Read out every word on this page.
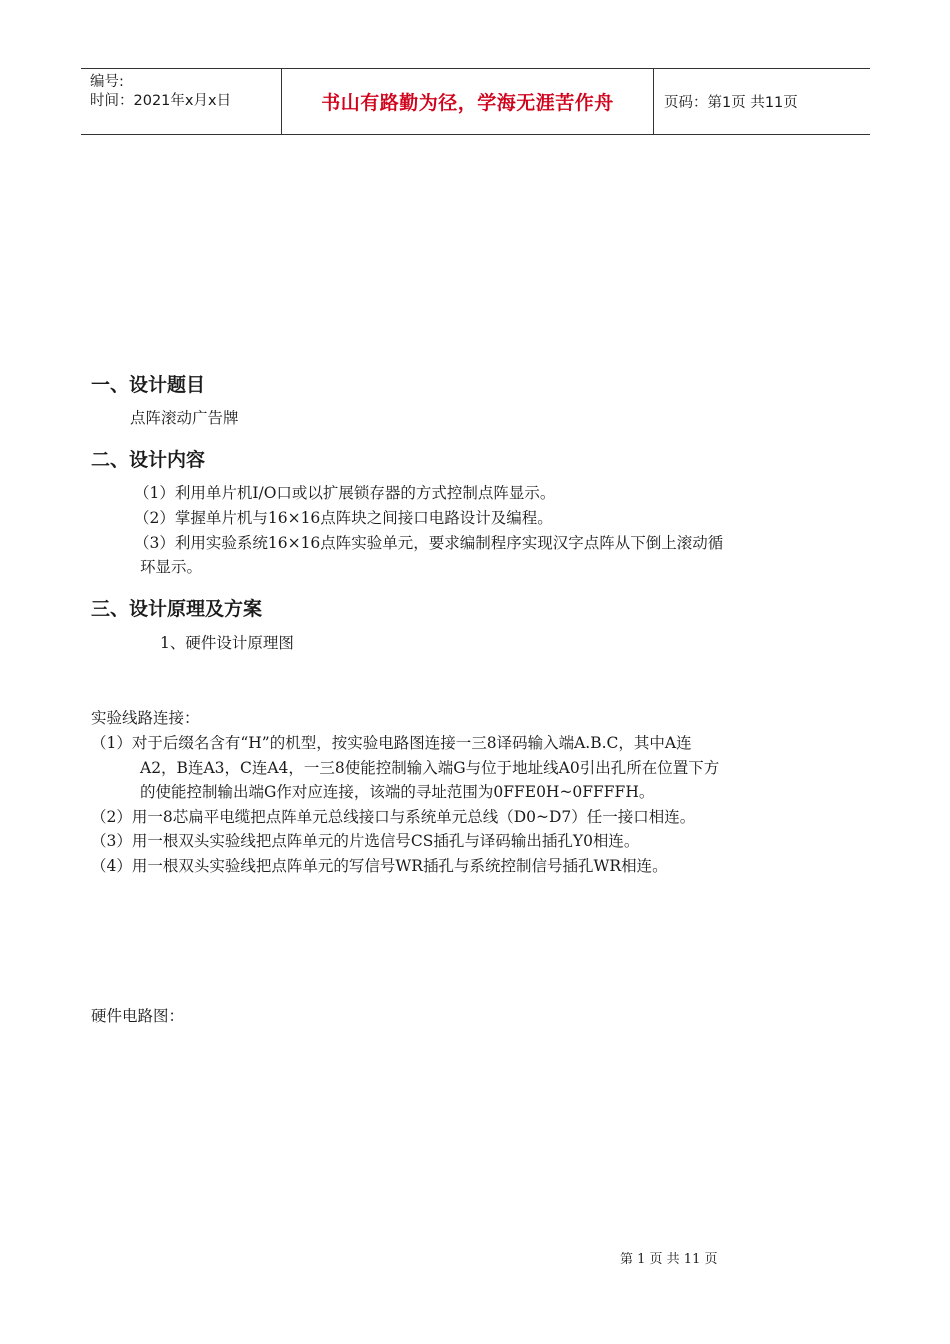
编号:
时间：2021年x月x日	书山有路勤为径，学海无涯苦作舟	页码：第1页 共11页
一、设计题目
点阵滚动广告牌
二、设计内容
（1）利用单片机I/O口或以扩展锁存器的方式控制点阵显示。
（2）掌握单片机与16×16点阵块之间接口电路设计及编程。
（3）利用实验系统16×16点阵实验单元，要求编制程序实现汉字点阵从下倒上滚动循
环显示。
三、设计原理及方案
1、硬件设计原理图
实验线路连接：
（1）对于后缀名含有“H”的机型，按实验电路图连接一三8译码输入端A.B.C，其中A连
A2，B连A3，C连A4，一三8使能控制输入端G与位于地址线A0引出孔所在位置下方
的使能控制输出端G作对应连接，该端的寻址范围为0FFE0H~0FFFFH。
（2）用一8芯扁平电缆把点阵单元总线接口与系统单元总线（D0~D7）任一接口相连。
（3）用一根双头实验线把点阵单元的片选信号CS插孔与译码输出插孔Y0相连。
（4）用一根双头实验线把点阵单元的写信号WR插孔与系统控制信号插孔WR相连。
硬件电路图：
第 1 页 共 11 页
